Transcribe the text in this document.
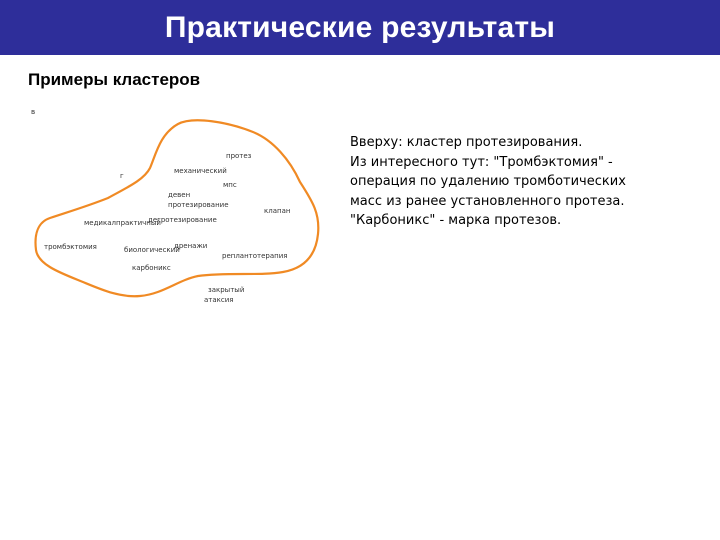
Практические результаты
Примеры кластеров
в
г
протез
механический
мпс
девен
протезирование
клапан
медикал практичный
дегротезирование
тромбэктомия	биологический
дренажи
реплантотерапия
карбоникс
закрытый
атаксия
Вверху: кластер протезирования.
Из интересного тут: "Тромбэктомия" -
операция по удалению тромботических
масс из ранее установленного протеза.
"Карбоникс" - марка протезов.
